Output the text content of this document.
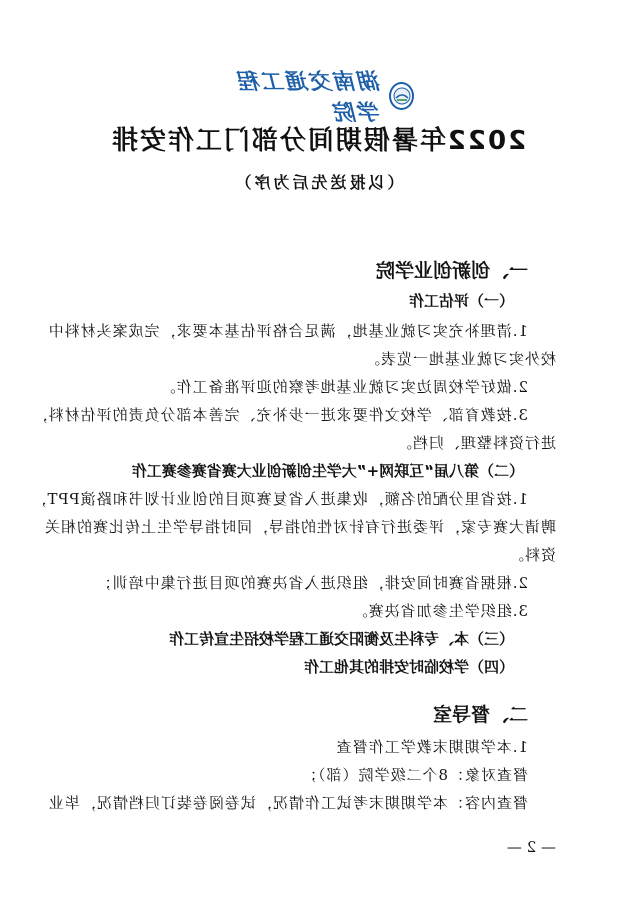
湖南交通工程学院
2022年暑假期间分部门工作安排
（以报送先后为序）
一、创新创业学院
（一）评估工作
1.清理补充实习就业基地，满足合格评估基本要求，完成案头材料中
校外实习就业基地一览表。
2.做好学校周边实习就业基地考察的迎评准备工作。
3.按教育部、学校文件要求进一步补充、完善本部分负责的评估材料，
进行资料整理、归档。
（二）第八届“互联网+”大学生创新创业大赛省赛参赛工作
1.按省里分配的名额，收集进入省复赛项目的创业计划书和路演PPT，
聘请大赛专家，评委进行有针对性的指导，同时指导学生上传比赛的相关
资料。
2.根据省赛时间安排，组织进入省决赛的项目进行集中培训；
3.组织学生参加省决赛。
（三）本、专科生及衡阳交通工程学校招生宣传工作
（四）学校临时安排的其他工作
二、督导室
1.本学期期末教学工作督查
督查对象：8个二级学院（部）；
督查内容：本学期期末考试工作情况，试卷阅卷装订归档情况，毕业
— 2 —
